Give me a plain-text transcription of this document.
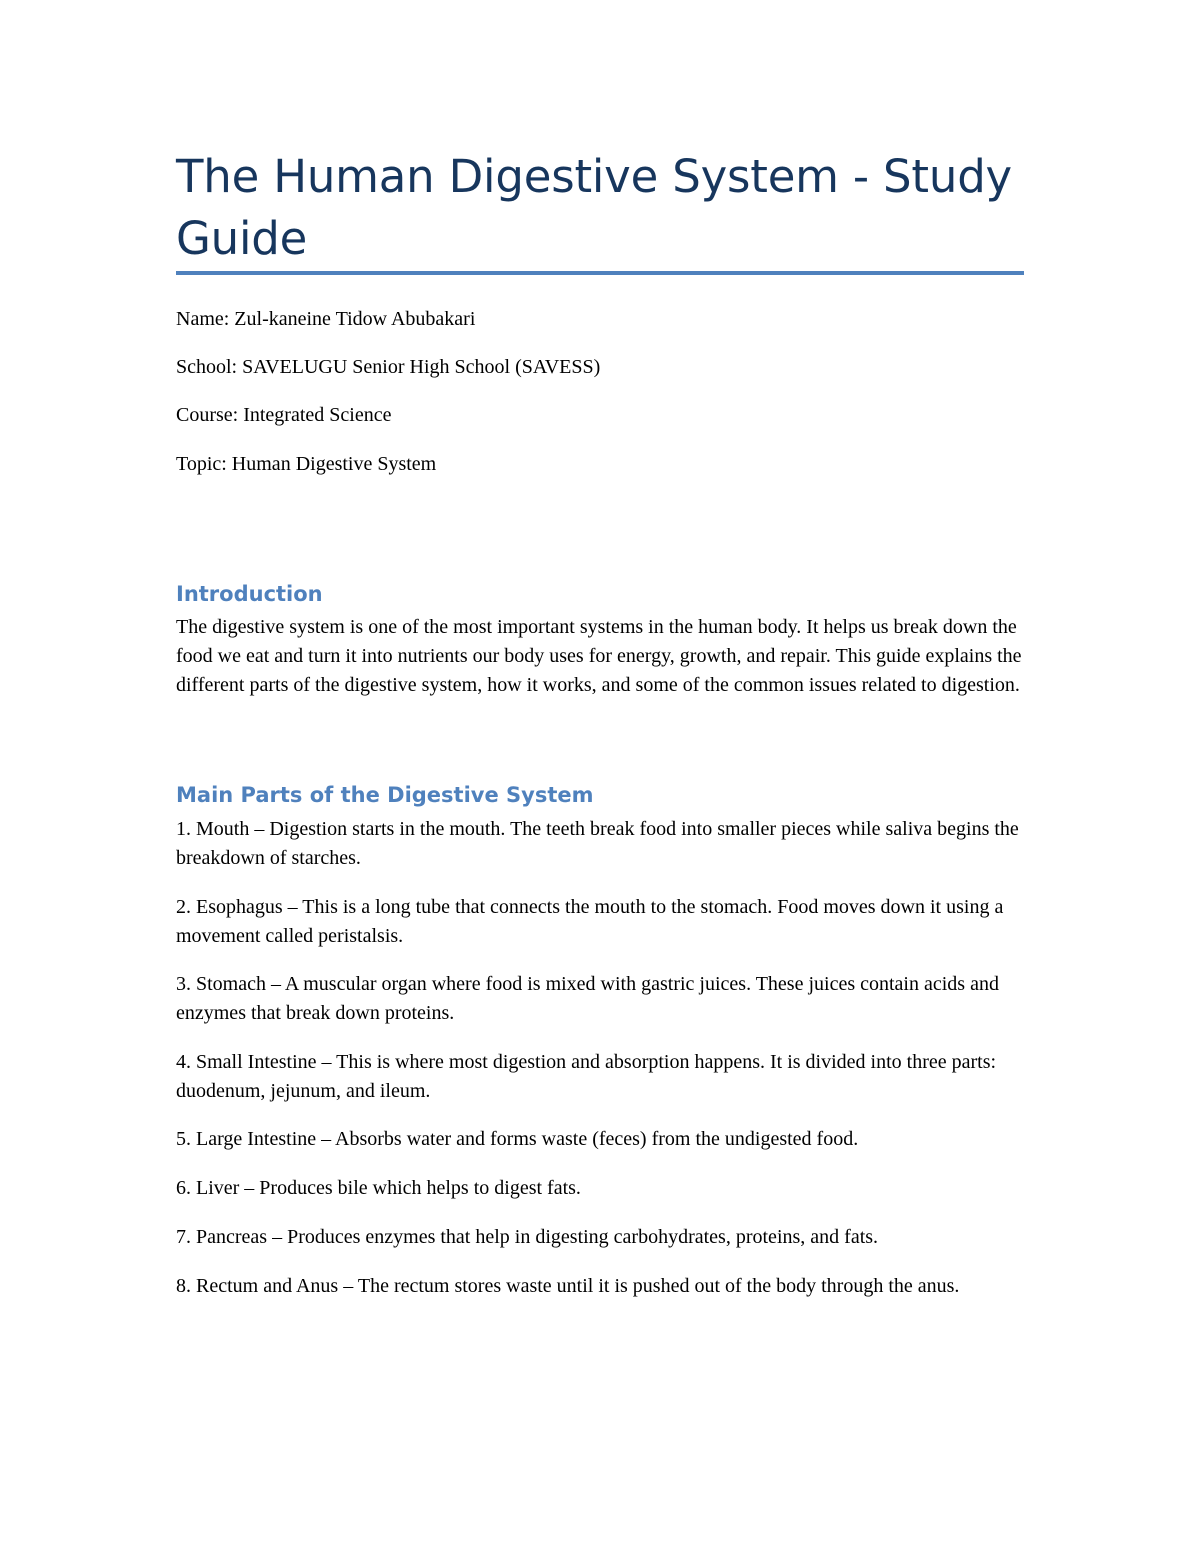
The Human Digestive System - Study Guide

Name: Zul-kaneine Tidow Abubakari

School: SAVELUGU Senior High School (SAVESS)

Course: Integrated Science

Topic: Human Digestive System

Introduction

The digestive system is one of the most important systems in the human body. It helps us break down the food we eat and turn it into nutrients our body uses for energy, growth, and repair. This guide explains the different parts of the digestive system, how it works, and some of the common issues related to digestion.

Main Parts of the Digestive System

1. Mouth – Digestion starts in the mouth. The teeth break food into smaller pieces while saliva begins the breakdown of starches.

2. Esophagus – This is a long tube that connects the mouth to the stomach. Food moves down it using a movement called peristalsis.

3. Stomach – A muscular organ where food is mixed with gastric juices. These juices contain acids and enzymes that break down proteins.

4. Small Intestine – This is where most digestion and absorption happens. It is divided into three parts: duodenum, jejunum, and ileum.

5. Large Intestine – Absorbs water and forms waste (feces) from the undigested food.

6. Liver – Produces bile which helps to digest fats.

7. Pancreas – Produces enzymes that help in digesting carbohydrates, proteins, and fats.

8. Rectum and Anus – The rectum stores waste until it is pushed out of the body through the anus.
